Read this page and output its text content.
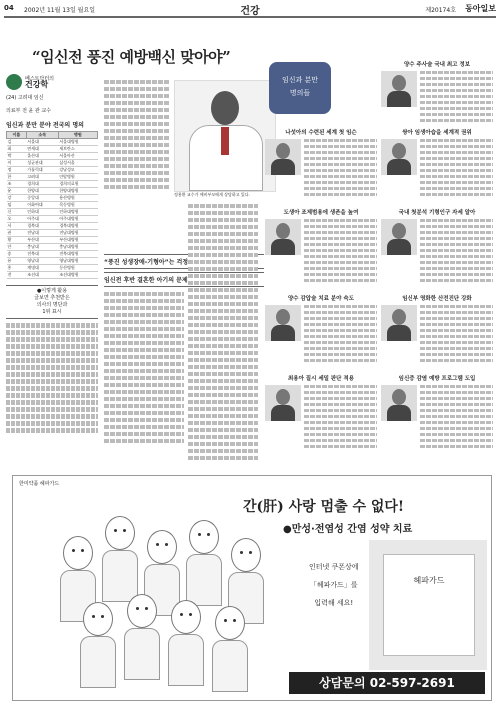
04 2002년 11월 13일 월요일	건강	제20174호 동아일보
“임신전 풍진 예방백신 맞아야”
베스트닥터의
건강학
(24) 고려대 임신
의료부 전 윤 관 교수
임신과 분만 분야 전국의 명의
이름	소속	병원
김	서울대	서울대병원
최	연세대	세브란스
박	울산대	서울아산
이	성균관대	삼성서울
정	가톨릭대	강남성모
한	고려대	안암병원
조	경희대	경희의료원
윤	한양대	한양대병원
강	중앙대	용산병원
임	이화여대	목동병원
신	인하대	인하대병원
오	아주대	아주대병원
서	경북대	경북대병원
권	전남대	전남대병원
황	부산대	부산대병원
안	충남대	충남대병원
송	전북대	전북대병원
유	영남대	영남대병원
홍	계명대	동산병원
전	조선대	조선대병원
●이렇게 활용
글보면 추천받은
의사의 명단과
1위 표시
정용환 교수가 예비부모에게 상담하고 있다.
“풍진 성생장애-기형아”는 걱정
임신전 후반 결혼한 아기의 문제
임신과 분만
명의들
양수 주사술 국내 최고 정보
나섯아의 수련된 세계 첫 임슨	쌍아 임생아습을 세계적 권위
도생아 조제범용에 생존을 높여	국내 첫분석 기형인구 자세 알아
양수 감압술 치료 분야 숙도	임신부 영화한 산전진단 강화
최용아 질시 세밀 판단 적용	임신증 감염 예방 프로그램 도입
한미약품 헤파가드
간(肝) 사랑 멈출 수 없다!
●만성·전염성 간염 성약 치료
인터넷 쿠폰상에
「헤파가드」를
입력해 세요!
헤파가드
상담문의 02-597-2691
